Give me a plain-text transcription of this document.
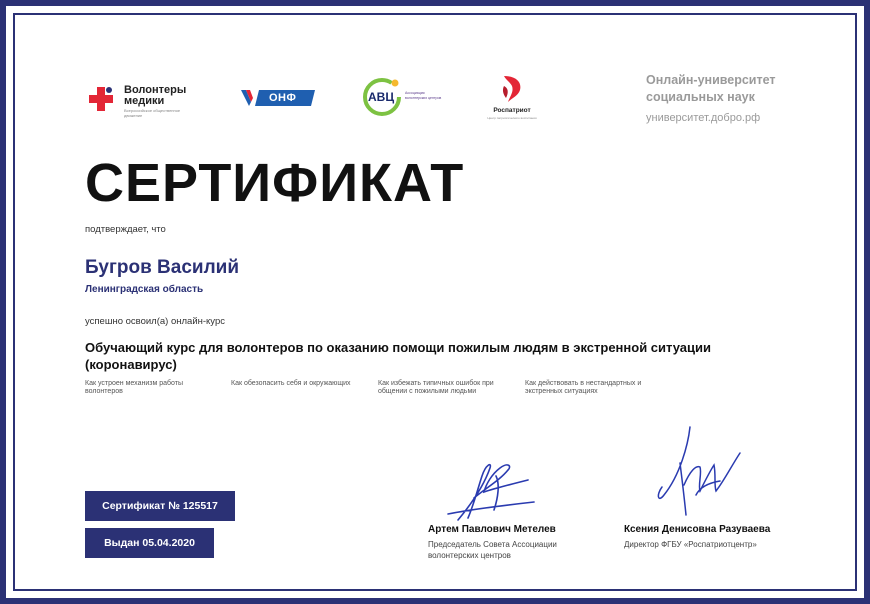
Волонтеры медики
Всероссийское общественное движение
ОНФ	АВЦ	Ассоциация волонтерских центров
Роспатриот
Центр патриотического воспитания
Онлайн-университет социальных наук
университет.добро.рф
СЕРТИФИКАТ
подтверждает, что
Бугров Василий
Ленинградская область
успешно освоил(а) онлайн-курс
Обучающий курс для волонтеров по оказанию помощи пожилым людям в экстренной ситуации (коронавирус)
Как устроен механизм работы волонтеров
Как обезопасить себя и окружающих	Как избежать типичных ошибок при общении с пожилыми людьми
Как действовать в нестандартных и экстренных ситуациях
Сертификат № 125517
Выдан 05.04.2020
Артем Павлович Метелев
Председатель Совета Ассоциации волонтерских центров
Ксения Денисовна Разуваева
Директор ФГБУ «Роспатриотцентр»
